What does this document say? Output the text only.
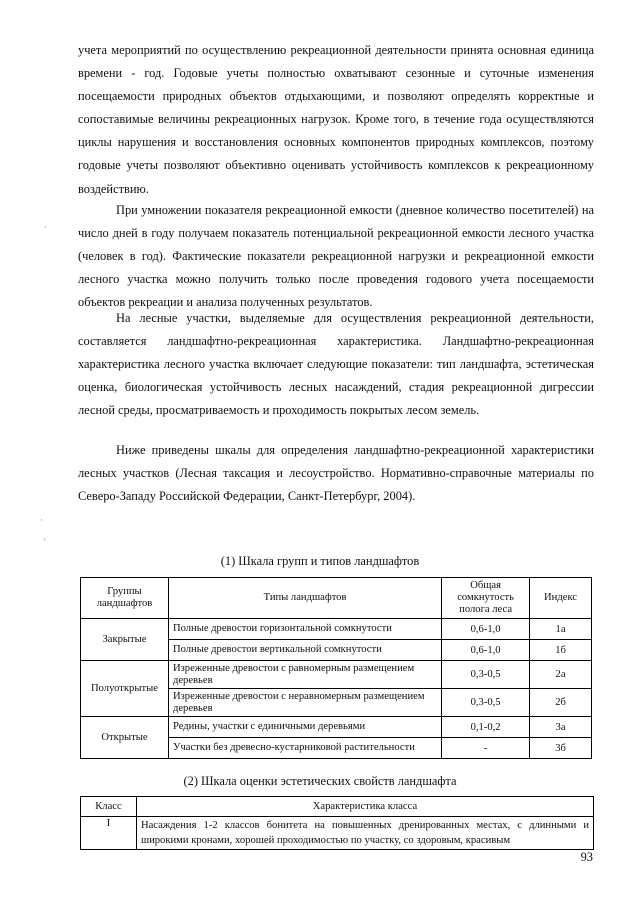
учета мероприятий по осуществлению рекреационной деятельности принята основная единица времени - год. Годовые учеты полностью охватывают сезонные и суточные изменения посещаемости природных объектов отдыхающими, и позволяют определять корректные и сопоставимые величины рекреационных нагрузок. Кроме того, в течение года осуществляются циклы нарушения и восстановления основных компонентов природных комплексов, поэтому годовые учеты позволяют объективно оценивать устойчивость комплексов к рекреационному воздействию.

При умножении показателя рекреационной емкости (дневное количество посетителей) на число дней в году получаем показатель потенциальной рекреационной емкости лесного участка (человек в год). Фактические показатели рекреационной нагрузки и рекреационной емкости лесного участка можно получить только после проведения годового учета посещаемости объектов рекреации и анализа полученных результатов.

На лесные участки, выделяемые для осуществления рекреационной деятельности, составляется ландшафтно-рекреационная характеристика. Ландшафтно-рекреационная характеристика лесного участка включает следующие показатели: тип ландшафта, эстетическая оценка, биологическая устойчивость лесных насаждений, стадия рекреационной дигрессии лесной среды, просматриваемость и проходимость покрытых лесом земель.

Ниже приведены шкалы для определения ландшафтно-рекреационной характеристики лесных участков (Лесная таксация и лесоустройство. Нормативно-справочные материалы по Северо-Западу Российской Федерации, Санкт-Петербург, 2004).

·
·
'
(1) Шкала групп и типов ландшафтов
Группы ландшафтов	Типы ландшафтов	Общая сомкнутость полога леса	Индекс
Закрытые	Полные древостои горизонтальной сомкнутости	0,6-1,0	1а
	Полные древостои вертикальной сомкнутости	0,6-1,0	1б
Полуоткрытые	Изреженные древостои с равномерным размещением деревьев	0,3-0,5	2а
	Изреженные древостои с неравномерным размещением деревьев	0,3-0,5	2б
Открытые	Редины, участки с единичными деревьями	0,1-0,2	3а
	Участки без древесно-кустарниковой растительности	-	3б
(2) Шкала оценки эстетических свойств ландшафта
Класс	Характеристика класса
I	Насаждения 1-2 классов бонитета на повышенных дренированных местах, с длинными и широкими кронами, хорошей проходимостью по участку, со здоровым, красивым
93
